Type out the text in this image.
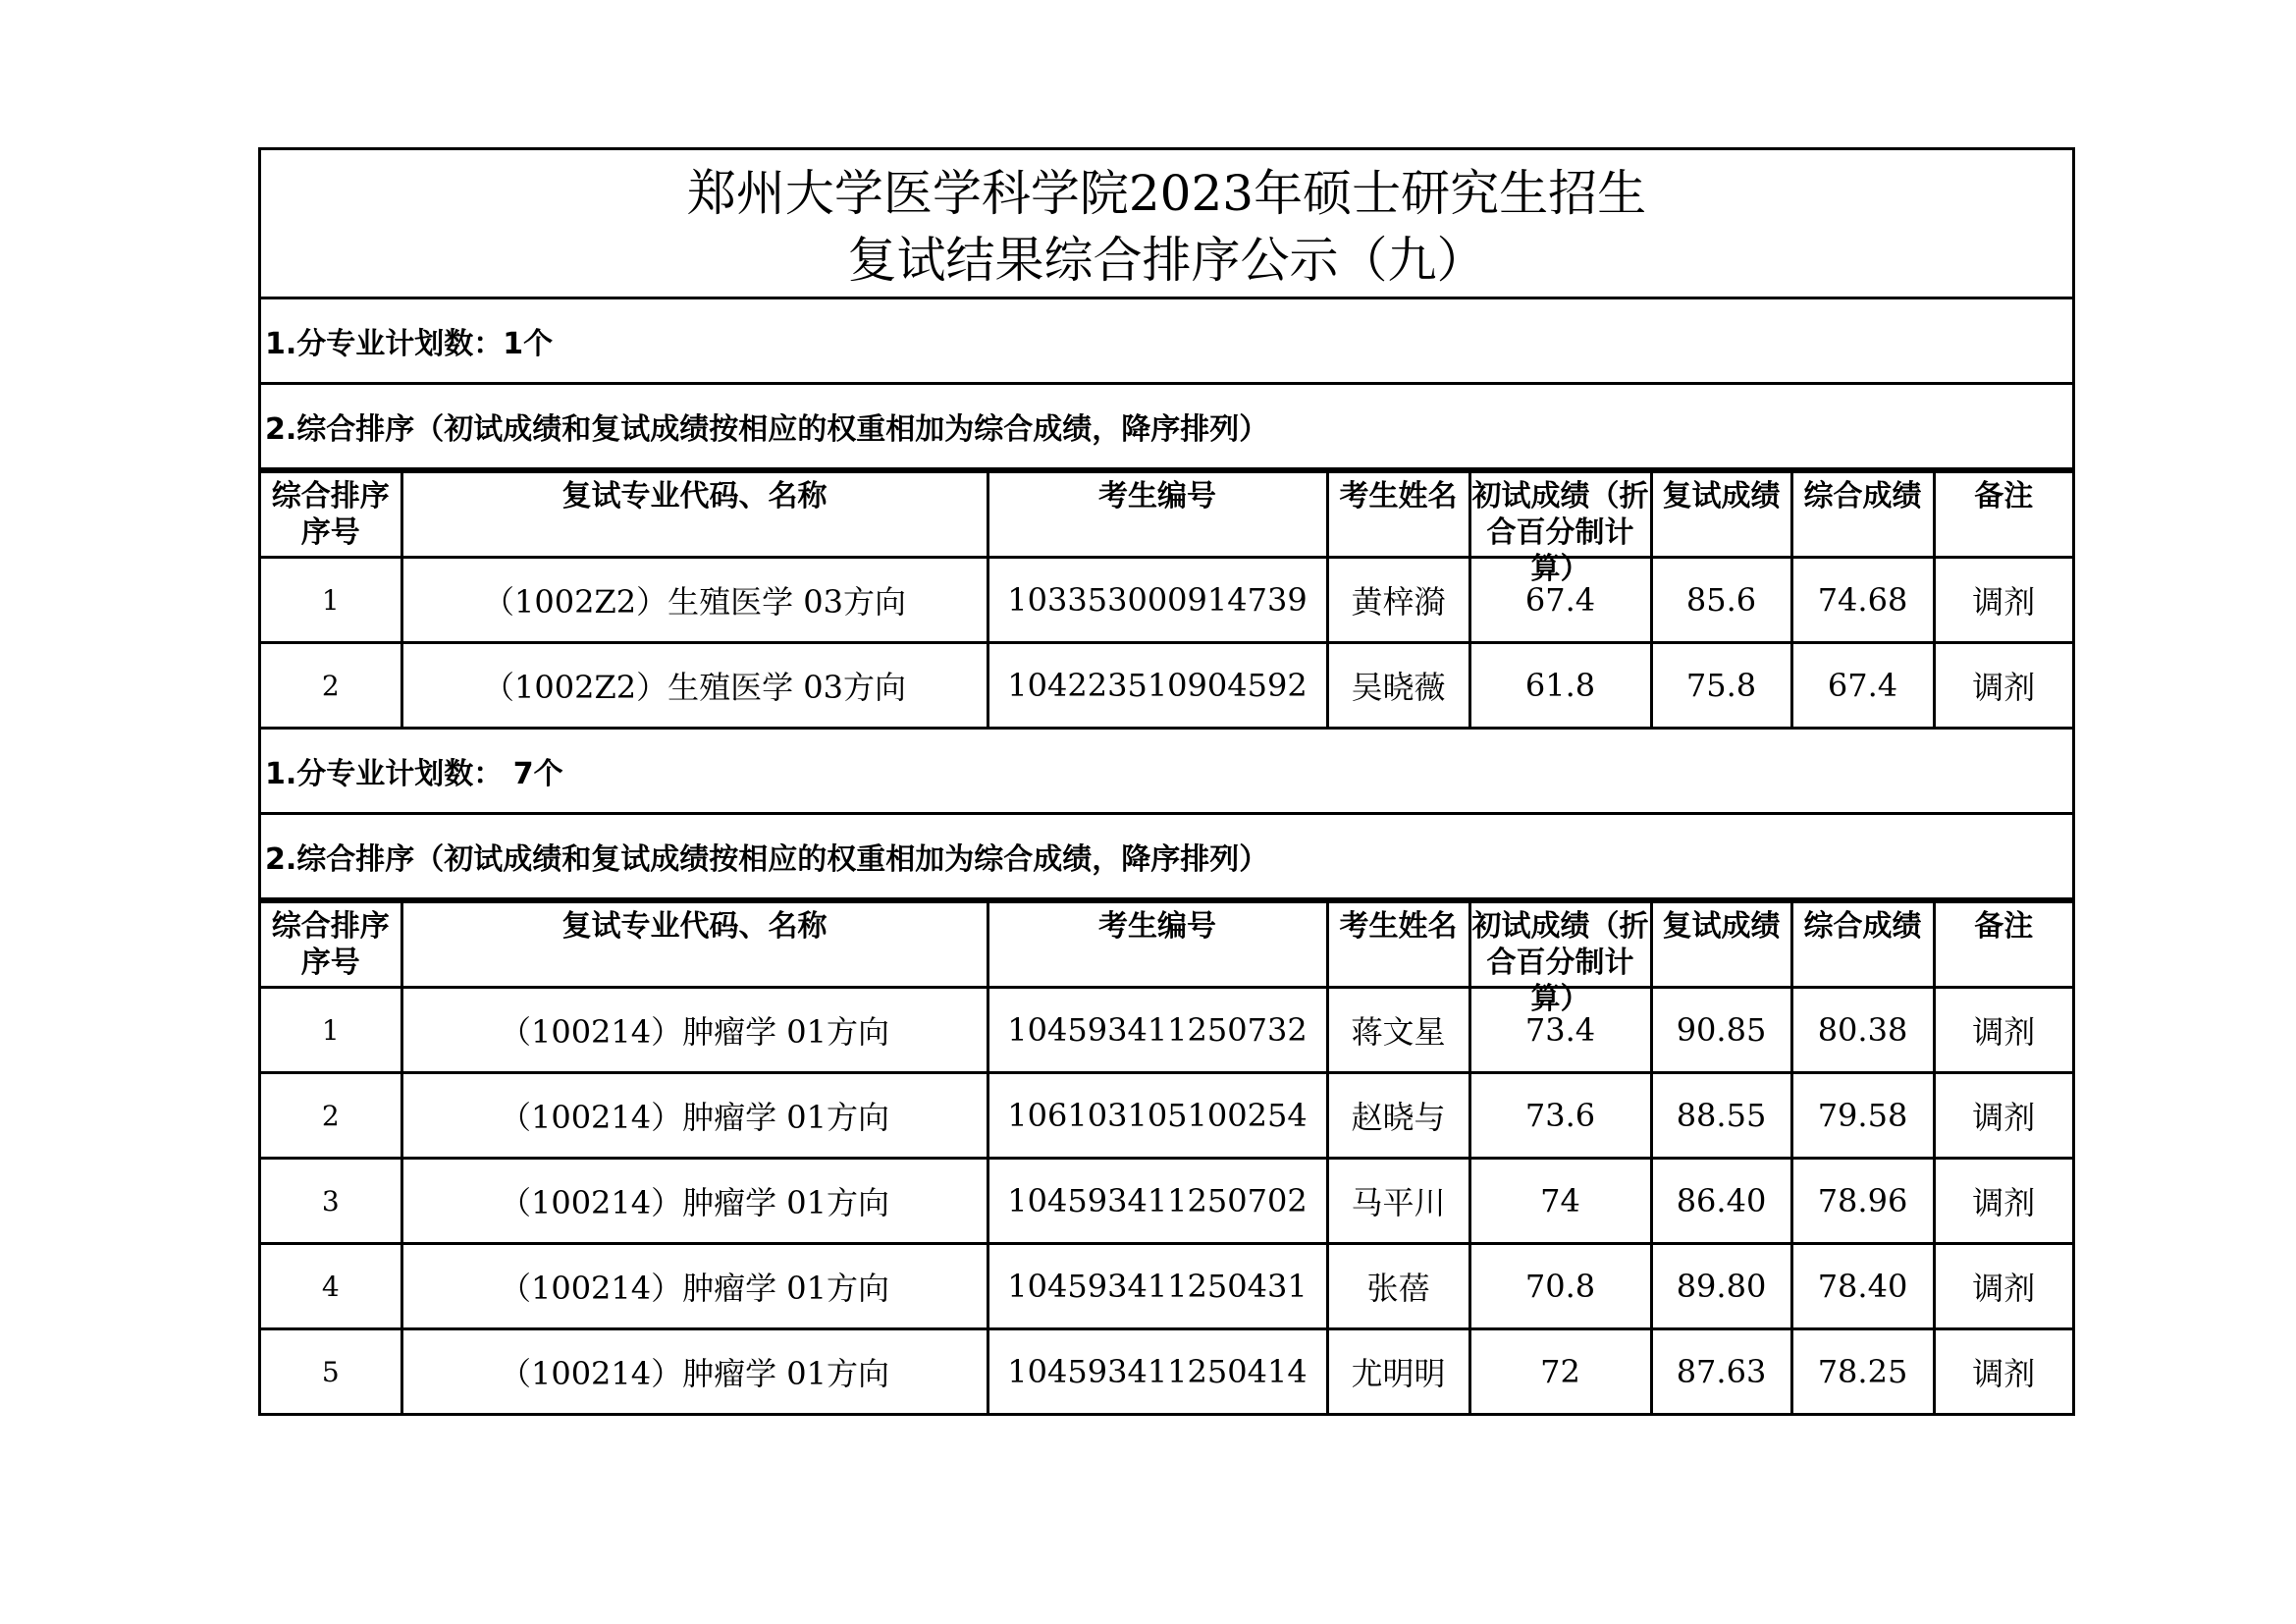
郑州大学医学科学院2023年硕士研究生招生
复试结果综合排序公示（九）
1.分专业计划数：1个
2.综合排序（初试成绩和复试成绩按相应的权重相加为综合成绩，降序排列）
综合排序序号	复试专业代码、名称	考生编号	考生姓名	初试成绩（折合百分制计算）	复试成绩	综合成绩	备注

1	（1002Z2）生殖医学 03方向	103353000914739	黄梓漪	67.4	85.6	74.68	调剂
2	（1002Z2）生殖医学 03方向	104223510904592	吴晓薇	61.8	75.8	67.4	调剂
1.分专业计划数： 7个
2.综合排序（初试成绩和复试成绩按相应的权重相加为综合成绩，降序排列）
综合排序序号	复试专业代码、名称	考生编号	考生姓名	初试成绩（折合百分制计算）	复试成绩	综合成绩	备注

1	（100214）肿瘤学 01方向	104593411250732	蒋文星	73.4	90.85	80.38	调剂
2	（100214）肿瘤学 01方向	106103105100254	赵晓与	73.6	88.55	79.58	调剂
3	（100214）肿瘤学 01方向	104593411250702	马平川	74	86.40	78.96	调剂
4	（100214）肿瘤学 01方向	104593411250431	张蓓	70.8	89.80	78.40	调剂
5	（100214）肿瘤学 01方向	104593411250414	尤明明	72	87.63	78.25	调剂
